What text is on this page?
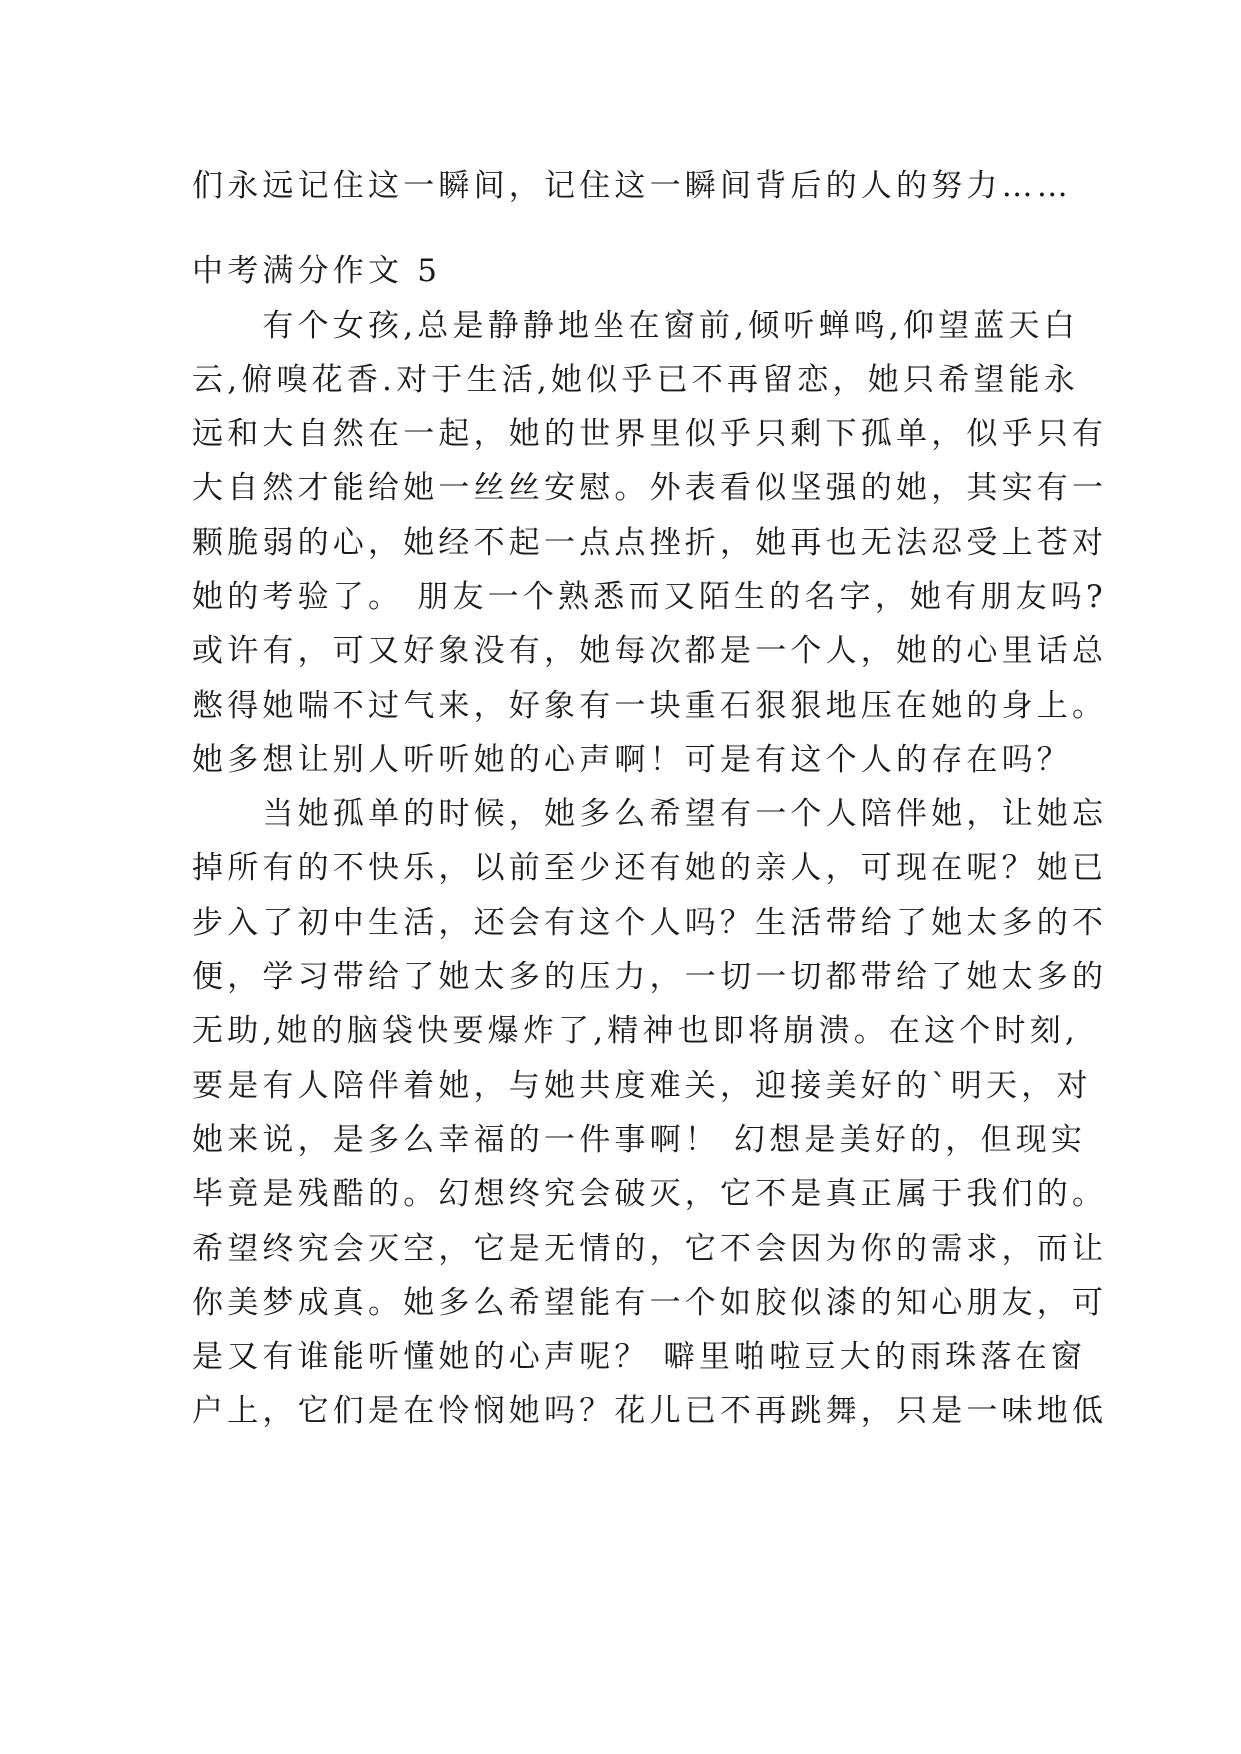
们永远记住这一瞬间，记住这一瞬间背后的人的努力……
中考满分作文 5
　　有个女孩,总是静静地坐在窗前,倾听蝉鸣,仰望蓝天白
云,俯嗅花香.对于生活,她似乎已不再留恋，她只希望能永
远和大自然在一起，她的世界里似乎只剩下孤单，似乎只有
大自然才能给她一丝丝安慰。外表看似坚强的她，其实有一
颗脆弱的心，她经不起一点点挫折，她再也无法忍受上苍对
她的考验了。 朋友一个熟悉而又陌生的名字，她有朋友吗?
或许有，可又好象没有，她每次都是一个人，她的心里话总
憋得她喘不过气来，好象有一块重石狠狠地压在她的身上。
她多想让别人听听她的心声啊！可是有这个人的存在吗？
　　当她孤单的时候，她多么希望有一个人陪伴她，让她忘
掉所有的不快乐，以前至少还有她的亲人，可现在呢？她已
步入了初中生活，还会有这个人吗？生活带给了她太多的不
便，学习带给了她太多的压力，一切一切都带给了她太多的
无助,她的脑袋快要爆炸了,精神也即将崩溃。在这个时刻,
要是有人陪伴着她，与她共度难关，迎接美好的`明天，对
她来说，是多么幸福的一件事啊！ 幻想是美好的，但现实
毕竟是残酷的。幻想终究会破灭，它不是真正属于我们的。
希望终究会灭空，它是无情的，它不会因为你的需求，而让
你美梦成真。她多么希望能有一个如胶似漆的知心朋友，可
是又有谁能听懂她的心声呢？ 噼里啪啦豆大的雨珠落在窗
户上，它们是在怜悯她吗？花儿已不再跳舞，只是一味地低
